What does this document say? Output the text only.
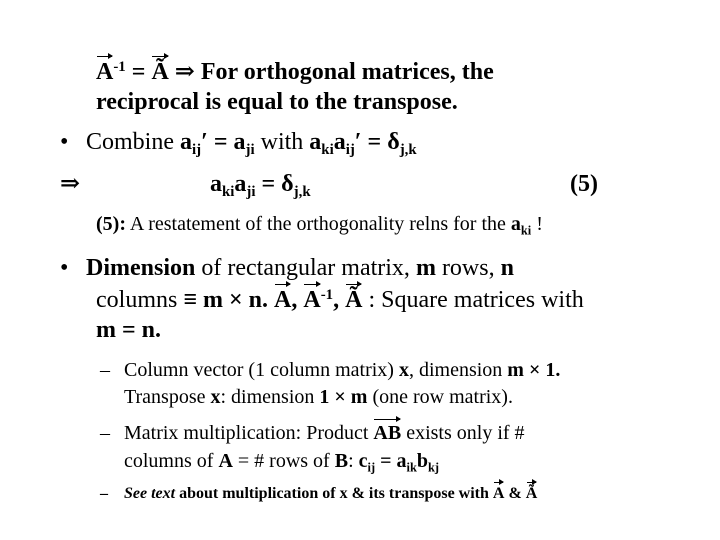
$A^{-1}$ = Ã ⇒ For orthogonal matrices, the
reciprocal is equal to the transpose.
• Combine $a_{ij}' = a_{ji}$ with $a_{ki}a_{ij}' = \delta_{j,k}$
⇒	$a_{ki}a_{ji} = \delta_{j,k}$	(5)
(5): A restatement of the orthogonality relns for the $a_{ki}$ !
• Dimension of rectangular matrix, m rows, n
columns ≡ m × n. A, $A^{-1}$, Ã : Square matrices with
m = n.
– Column vector (1 column matrix) x, dimension m × 1.
Transpose x: dimension 1 × m (one row matrix).
– Matrix multiplication: Product AB exists only if #
columns of A = # rows of B: $c_{ij} = a_{ik}b_{kj}$
– See text about multiplication of x & its transpose with A & Ã
